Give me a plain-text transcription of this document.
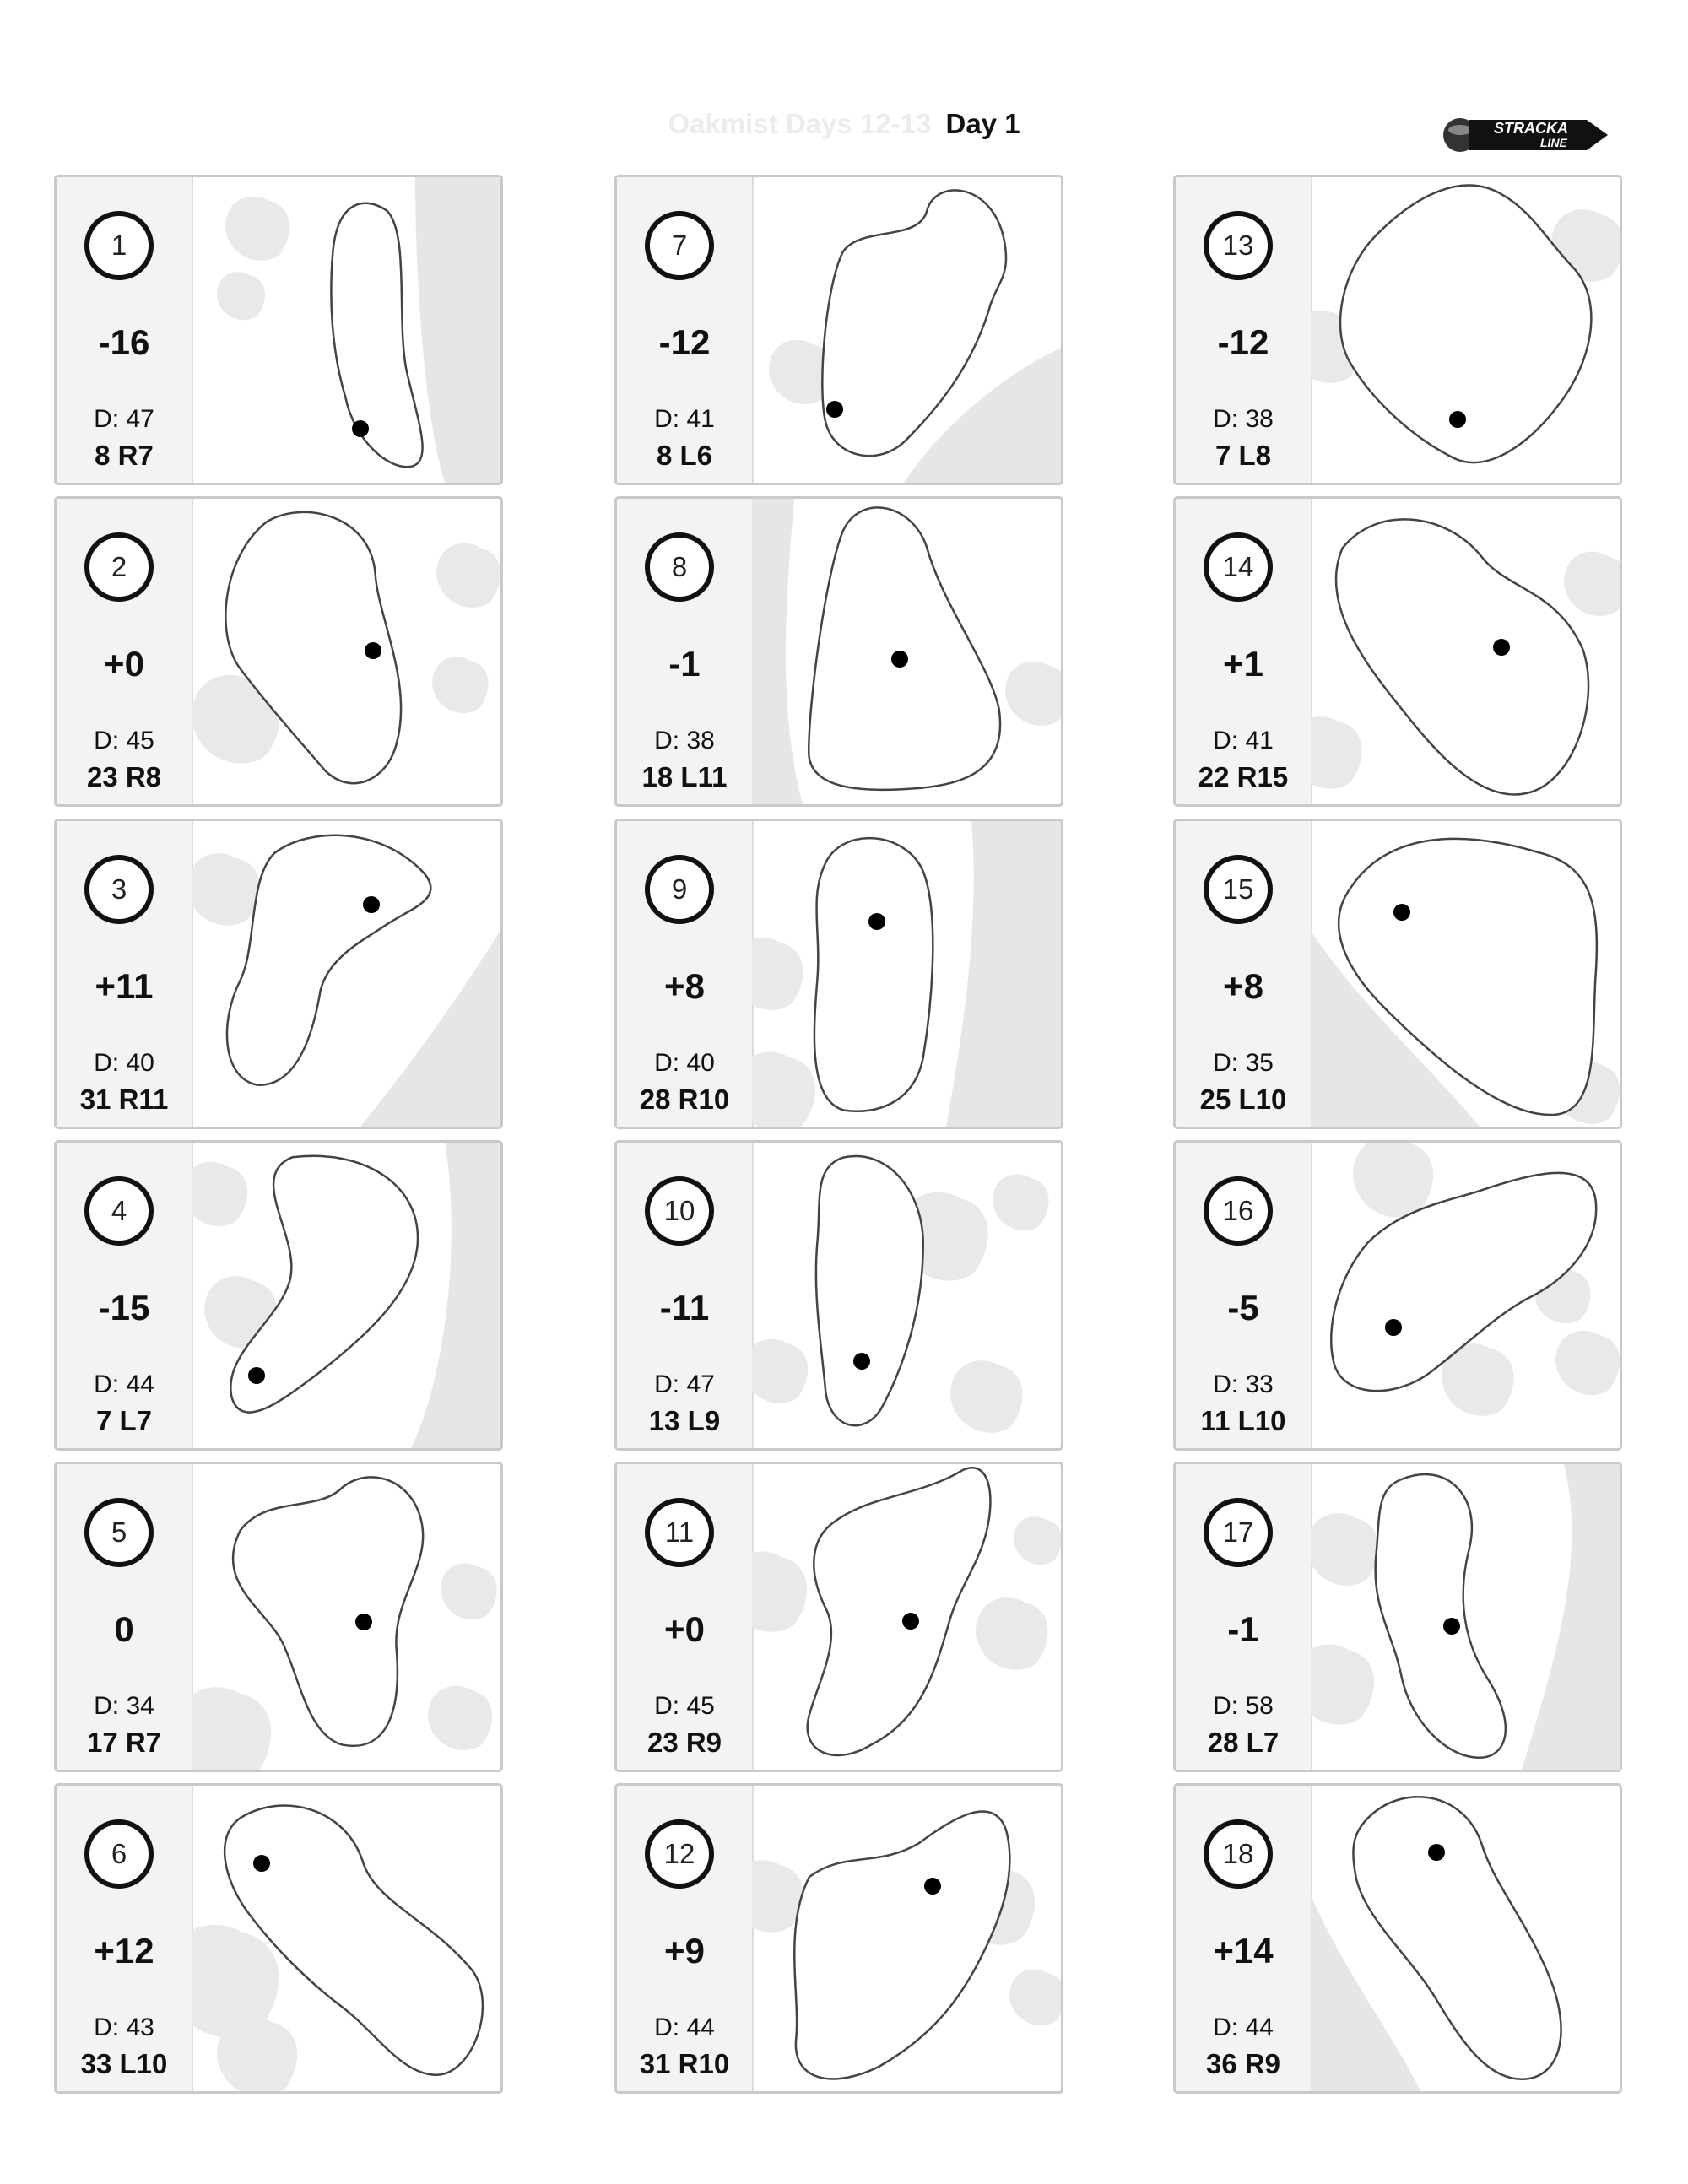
Oakmist Days 12-13 Day 1	STRACKA
LINE
1
-16
D: 47
8 R7
2
+0
D: 45
23 R8
3
+11
D: 40
31 R11
4
-15
D: 44
7 L7
5
0
D: 34
17 R7
6
+12
D: 43
33 L10
7
-12
D: 41
8 L6
8
-1
D: 38
18 L11
9
+8
D: 40
28 R10
10
-11
D: 47
13 L9
11
+0
D: 45
23 R9
12
+9
D: 44
31 R10
13
-12
D: 38
7 L8
14
+1
D: 41
22 R15
15
+8
D: 35
25 L10
16
-5
D: 33
11 L10
17
-1
D: 58
28 L7
18
+14
D: 44
36 R9
